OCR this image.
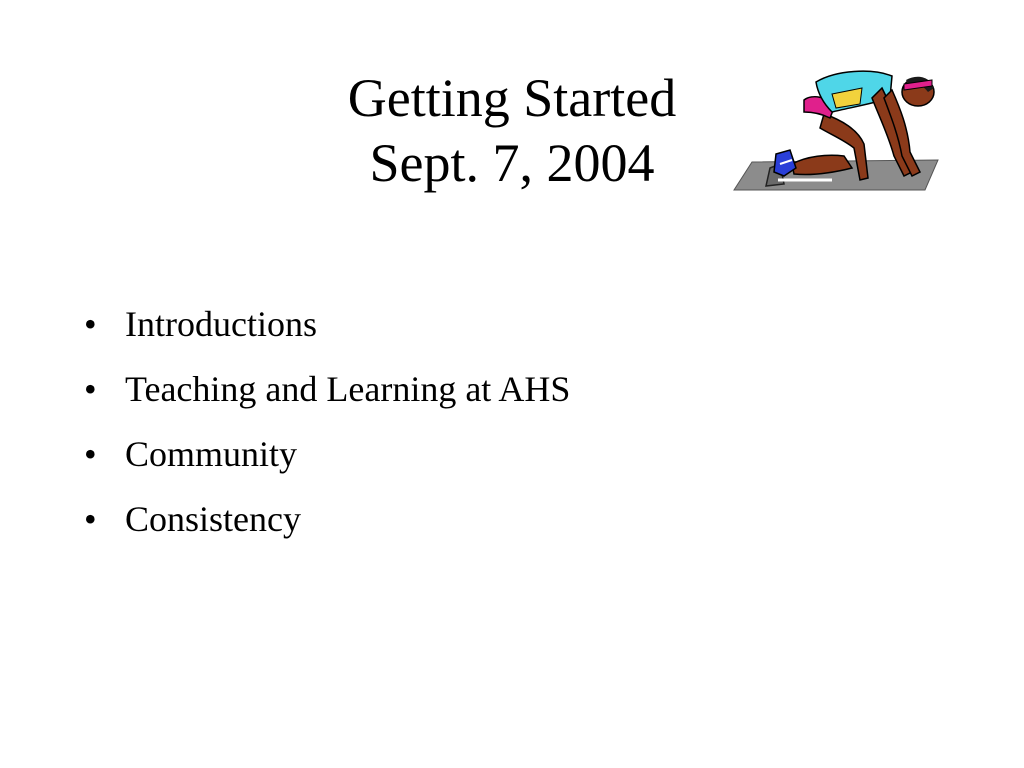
Getting Started
Sept. 7, 2004
• Introductions
• Teaching and Learning at AHS
• Community
• Consistency
